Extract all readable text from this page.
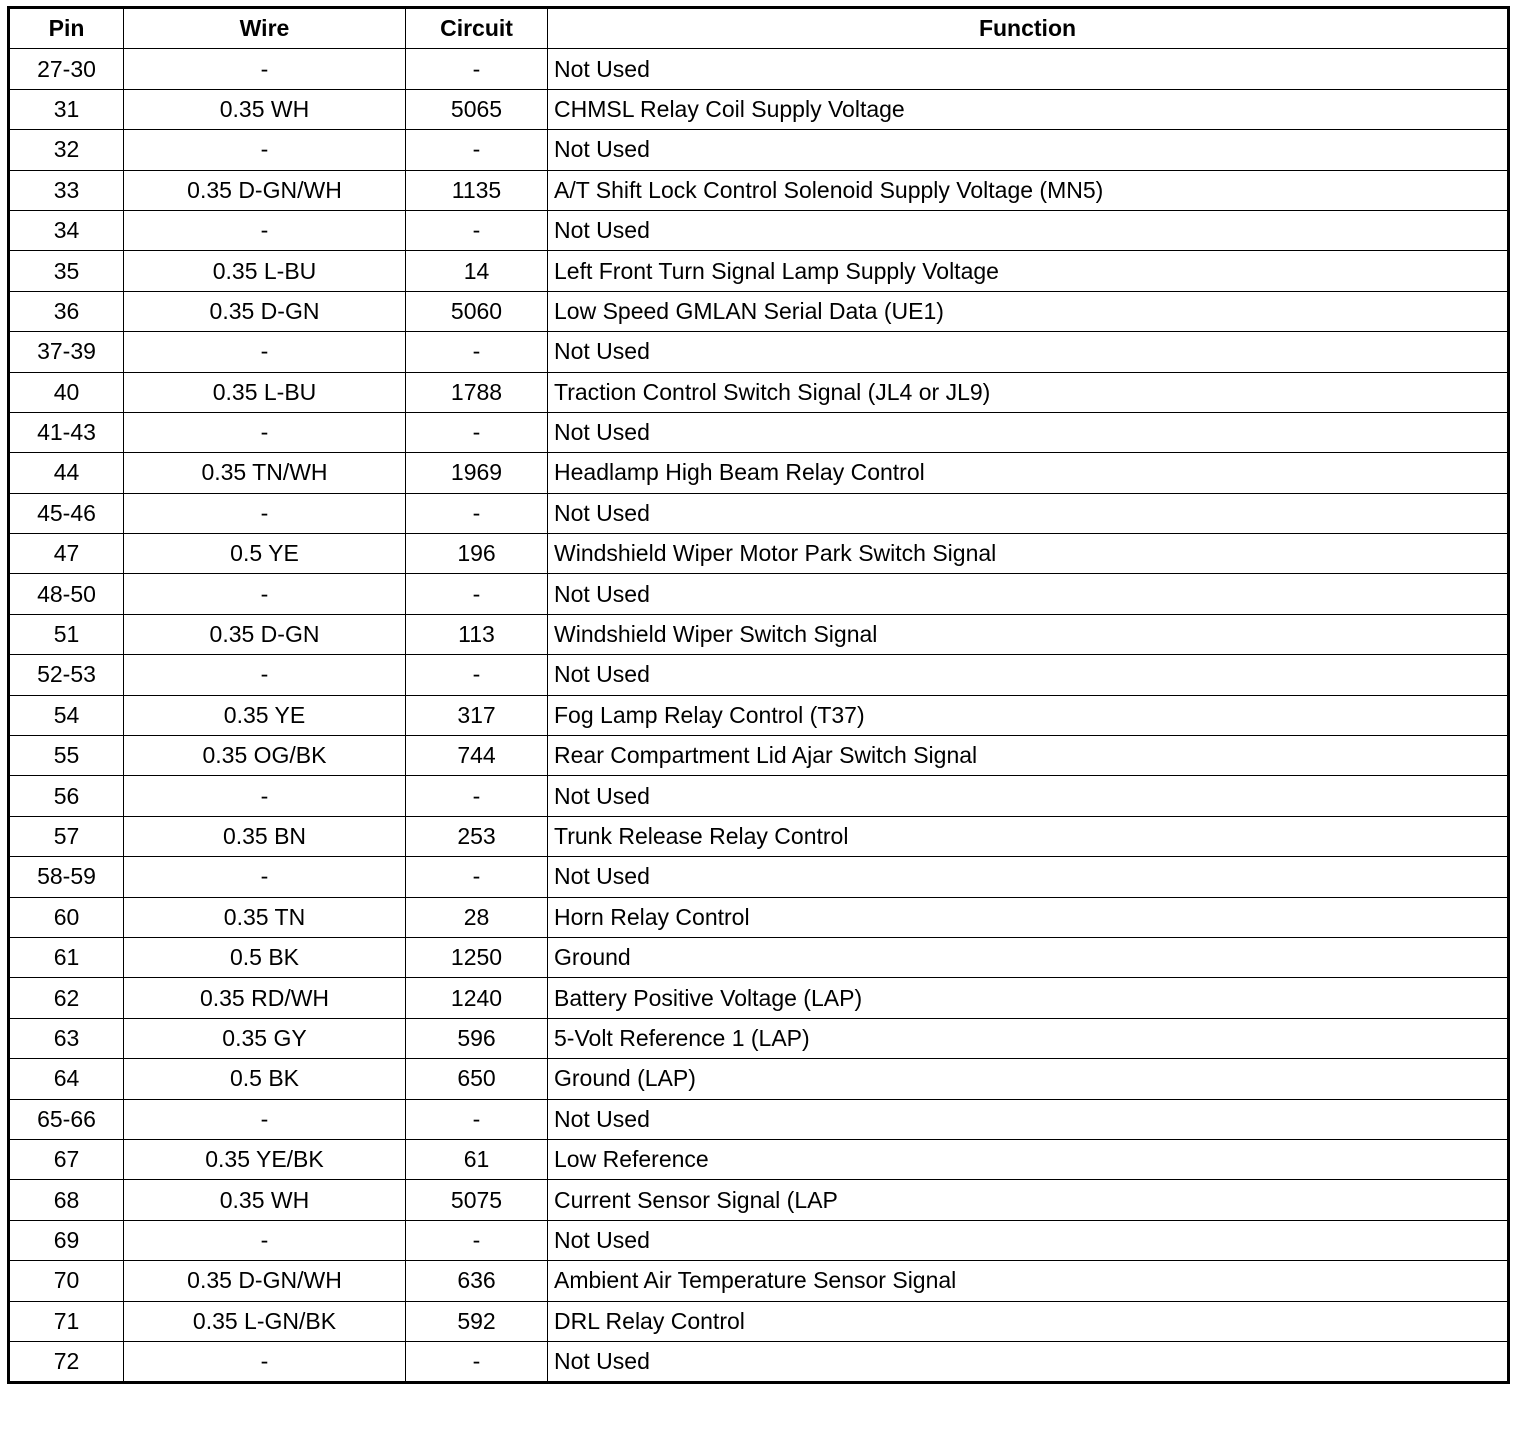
Pin	Wire	Circuit	Function
27-30	-	-	Not Used
31	0.35 WH	5065	CHMSL Relay Coil Supply Voltage
32	-	-	Not Used
33	0.35 D-GN/WH	1135	A/T Shift Lock Control Solenoid Supply Voltage (MN5)
34	-	-	Not Used
35	0.35 L-BU	14	Left Front Turn Signal Lamp Supply Voltage
36	0.35 D-GN	5060	Low Speed GMLAN Serial Data (UE1)
37-39	-	-	Not Used
40	0.35 L-BU	1788	Traction Control Switch Signal (JL4 or JL9)
41-43	-	-	Not Used
44	0.35 TN/WH	1969	Headlamp High Beam Relay Control
45-46	-	-	Not Used
47	0.5 YE	196	Windshield Wiper Motor Park Switch Signal
48-50	-	-	Not Used
51	0.35 D-GN	113	Windshield Wiper Switch Signal
52-53	-	-	Not Used
54	0.35 YE	317	Fog Lamp Relay Control (T37)
55	0.35 OG/BK	744	Rear Compartment Lid Ajar Switch Signal
56	-	-	Not Used
57	0.35 BN	253	Trunk Release Relay Control
58-59	-	-	Not Used
60	0.35 TN	28	Horn Relay Control
61	0.5 BK	1250	Ground
62	0.35 RD/WH	1240	Battery Positive Voltage (LAP)
63	0.35 GY	596	5-Volt Reference 1 (LAP)
64	0.5 BK	650	Ground (LAP)
65-66	-	-	Not Used
67	0.35 YE/BK	61	Low Reference
68	0.35 WH	5075	Current Sensor Signal (LAP
69	-	-	Not Used
70	0.35 D-GN/WH	636	Ambient Air Temperature Sensor Signal
71	0.35 L-GN/BK	592	DRL Relay Control
72	-	-	Not Used
